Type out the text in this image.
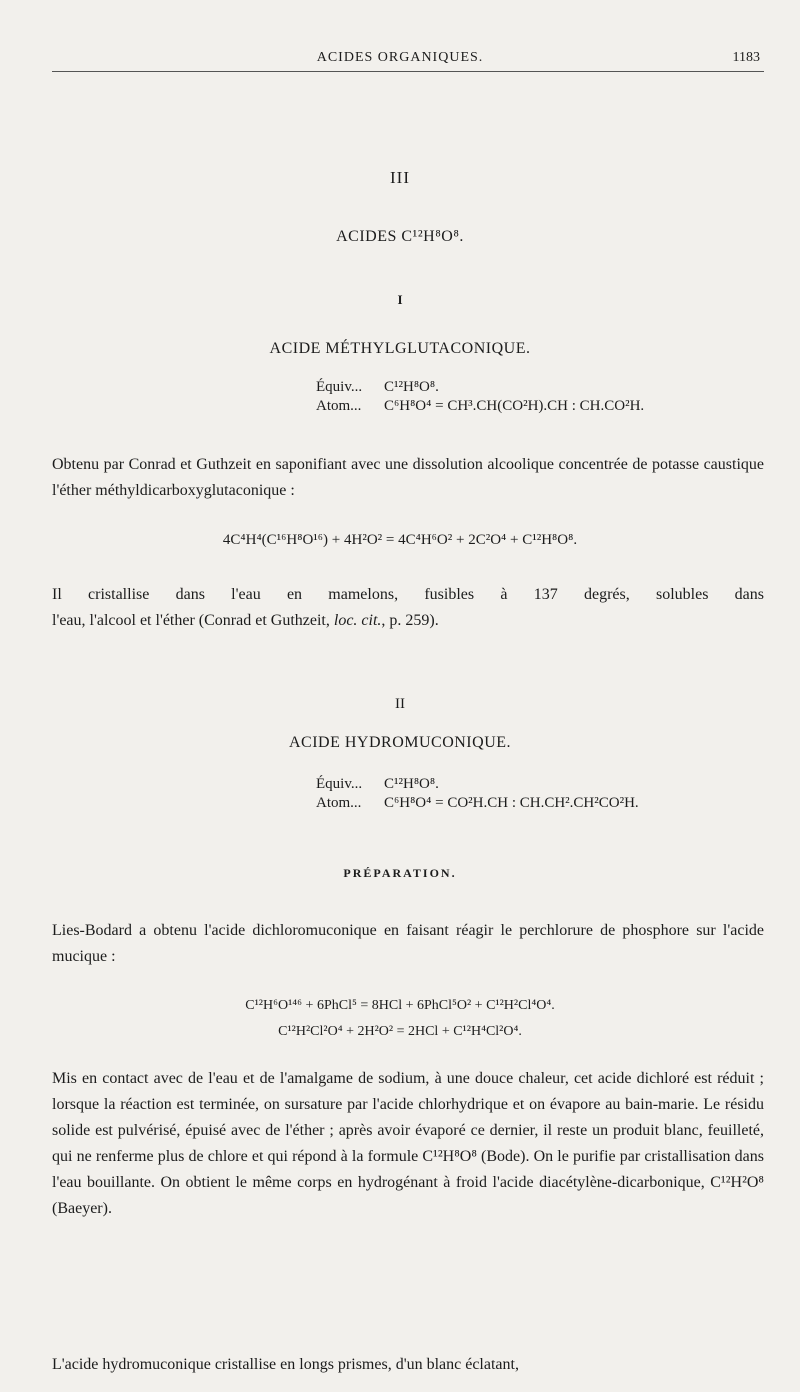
ACIDES ORGANIQUES.	1183
III
ACIDES C¹²H⁸O⁸.
I
ACIDE MÉTHYLGLUTACONIQUE.
Équiv... C¹²H⁸O⁸.
Atom... C⁶H⁸O⁴ = CH³.CH(CO²H).CH : CH.CO²H.
Obtenu par Conrad et Guthzeit en saponifiant avec une dissolution alcoolique concentrée de potasse caustique l'éther méthyldicarboxyglutaconique :
4C⁴H⁴(C¹⁶H⁸O¹⁶) + 4H²O² = 4C⁴H⁶O² + 2C²O⁴ + C¹²H⁸O⁸.
Il cristallise dans l'eau en mamelons, fusibles à 137 degrés, solubles dans
l'eau, l'alcool et l'éther (Conrad et Guthzeit, loc. cit., p. 259).
II
ACIDE HYDROMUCONIQUE.
Équiv... C¹²H⁸O⁸.
Atom... C⁶H⁸O⁴ = CO²H.CH : CH.CH².CH²CO²H.
PRÉPARATION.
Lies-Bodard a obtenu l'acide dichloromuconique en faisant réagir le perchlorure de phosphore sur l'acide mucique :
C¹²H⁶O¹⁴⁶ + 6PhCl⁵ = 8HCl + 6PhCl⁵O² + C¹²H²Cl⁴O⁴.
C¹²H²Cl²O⁴ + 2H²O² = 2HCl + C¹²H⁴Cl²O⁴.
Mis en contact avec de l'eau et de l'amalgame de sodium, à une douce chaleur, cet acide dichloré est réduit ; lorsque la réaction est terminée, on sursature par l'acide chlorhydrique et on évapore au bain-marie. Le résidu solide est pulvérisé, épuisé avec de l'éther ; après avoir évaporé ce dernier, il reste un produit blanc, feuilleté, qui ne renferme plus de chlore et qui répond à la formule C¹²H⁸O⁸ (Bode). On le purifie par cristallisation dans l'eau bouillante. On obtient le même corps en hydrogénant à froid l'acide diacétylène-dicarbonique, C¹²H²O⁸ (Baeyer).
L'acide hydromuconique cristallise en longs prismes, d'un blanc éclatant,
